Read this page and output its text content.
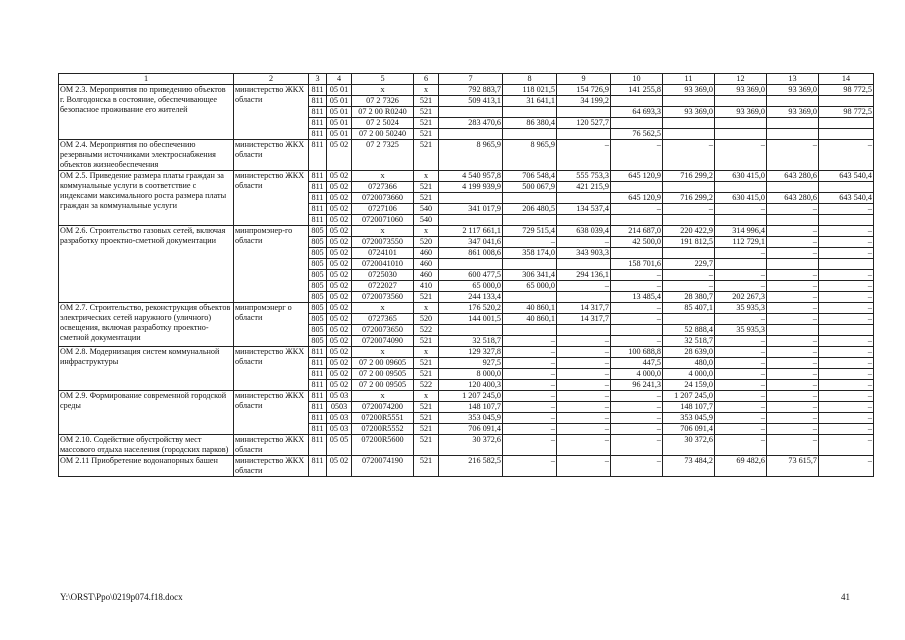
1	2	3	4	5	6	7	8	9	10	11	12	13	14
ОМ 2.3. Мероприятия по приведению объектов г. Волгодонска в состояние, обеспечивающее безопасное проживание его жителей	министерство ЖКХ области	811	05 01	x	x	792 883,7	118 021,5	154 726,9	141 255,8	93 369,0	93 369,0	93 369,0	98 772,5
		811	05 01	07 2 7326	521	509 413,1	31 641,1	34 199,2					
		811	05 01	07 2 00 R0240	521				64 693,3	93 369,0	93 369,0	93 369,0	98 772,5
		811	05 01	07 2 5024	521	283 470,6	86 380,4	120 527,7					
		811	05 01	07 2 00 50240	521				76 562,5				
ОМ 2.4. Мероприятия по обеспечению резервными источниками электроснабжения объектов жизнеобеспечения	министерство ЖКХ области	811	05 02	07 2 7325	521	8 965,9	8 965,9	–	–	–	–	–	–
ОМ 2.5. Приведение размера платы граждан за коммунальные услуги в соответствие с индексами максимального роста размера платы граждан за коммунальные услуги	министерство ЖКХ области	811	05 02	x	x	4 540 957,8	706 548,4	555 753,3	645 120,9	716 299,2	630 415,0	643 280,6	643 540,4
		811	05 02	0727366	521	4 199 939,9	500 067,9	421 215,9					
		811	05 02	0720073660	521				645 120,9	716 299,2	630 415,0	643 280,6	643 540,4
		811	05 02	0727106	540	341 017,9	206 480,5	134 537,4	–	–	–	–	–
		811	05 02	0720071060	540								
ОМ 2.6. Строительство газовых сетей, включая разработку проектно-сметной документации	минпромэнер-го области	805	05 02	x	x	2 117 661,1	729 515,4	638 039,4	214 687,0	220 422,9	314 996,4	–	–
		805	05 02	0720073550	520	347 041,6	–	–	42 500,0	191 812,5	112 729,1	–	–
		805	05 02	0724101	460	861 008,6	358 174,0	343 903,3			–	–	–
		805	05 02	0720041010	460				158 701,6	229,7			
		805	05 02	0725030	460	600 477,5	306 341,4	294 136,1	–	–	–	–	–
		805	05 02	0722027	410	65 000,0	65 000,0	–	–	–	–	–	–
		805	05 02	0720073560	521	244 133,4			13 485,4	28 380,7	202 267,3	–	–
ОМ 2.7. Строительство, реконструкция объектов электрических сетей наружного (уличного) освещения, включая разработку проектно-сметной документации	минпромэнерг о области	805	05 02	x	x	176 520,2	40 860,1	14 317,7	–	85 407,1	35 935,3	–	–
		805	05 02	0727365	520	144 001,5	40 860,1	14 317,7	–		–	–	–
		805	05 02	0720073650	522					52 888,4	35 935,3		
		805	05 02	0720074090	521	32 518,7	–	–	–	32 518,7	–	–	–
ОМ 2.8. Модернизация систем коммунальной инфраструктуры	министерство ЖКХ области	811	05 02	x	x	129 327,8	–	–	100 688,8	28 639,0	–	–	–
		811	05 02	07 2 00 09605	521	927,5	–	–	447,5	480,0	–	–	–
		811	05 02	07 2 00 09505	521	8 000,0	–	–	4 000,0	4 000,0	–	–	–
		811	05 02	07 2 00 09505	522	120 400,3	–	–	96 241,3	24 159,0	–	–	–
ОМ 2.9. Формирование современной городской среды	министерство ЖКХ области	811	05 03	x	x	1 207 245,0	–	–	–	1 207 245,0	–	–	–
		811	0503	0720074200	521	148 107,7	–	–	–	148 107,7	–	–	–
		811	05 03	07200R5551	521	353 045,9	–	–	–	353 045,9	–	–	–
		811	05 03	07200R5552	521	706 091,4	–	–	–	706 091,4	–	–	–
ОМ 2.10. Содействие обустройству мест массового отдыха населения (городских парков)	министерство ЖКХ области	811	05 05	07200R5600	521	30 372,6	–	–	–	30 372,6	–	–	–
ОМ 2.11 Приобретение водонапорных башен	министерство ЖКХ области	811	05 02	0720074190	521	216 582,5	–	–	–	73 484,2	69 482,6	73 615,7	–
Y:\ORST\Ppo\0219p074.f18.docx	41
